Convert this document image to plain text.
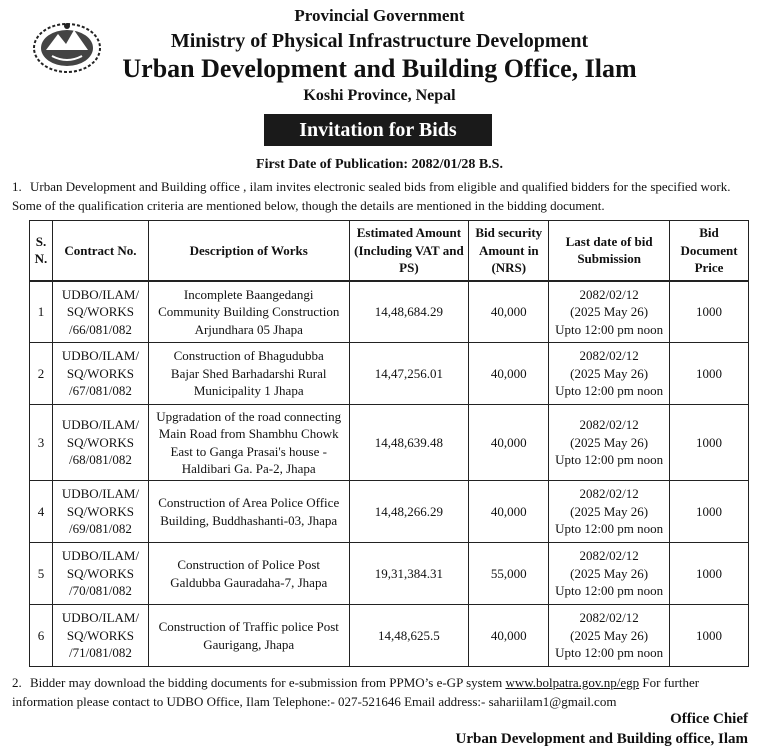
Provincial Government
Ministry of Physical Infrastructure Development
Urban Development and Building Office, Ilam
Koshi Province, Nepal
Invitation for Bids
First Date of Publication: 2082/01/28 B.S.
1. Urban Development and Building office , ilam invites electronic sealed bids from eligible and qualified bidders for the specified work. Some of the qualification criteria are mentioned below, though the details are mentioned in the bidding document.
S. N.	Contract No.	Description of Works	Estimated Amount (Including VAT and PS)	Bid security Amount in (NRS)	Last date of bid Submission	Bid Document Price
1	UDBO/ILAM/
SQ/WORKS
/66/081/082	Incomplete Baangedangi
Community Building Construction
Arjundhara 05 Jhapa	14,48,684.29	40,000	2082/02/12
(2025 May 26)
Upto 12:00 pm noon	1000
2	UDBO/ILAM/
SQ/WORKS
/67/081/082	Construction of Bhagudubba
Bajar Shed Barhadarshi Rural
Municipality 1 Jhapa	14,47,256.01	40,000	2082/02/12
(2025 May 26)
Upto 12:00 pm noon	1000
3	UDBO/ILAM/
SQ/WORKS
/68/081/082	Upgradation of the road connecting
Main Road from Shambhu Chowk
East to Ganga Prasai's house -
Haldibari Ga. Pa-2, Jhapa	14,48,639.48	40,000	2082/02/12
(2025 May 26)
Upto 12:00 pm noon	1000
4	UDBO/ILAM/
SQ/WORKS
/69/081/082	Construction of Area Police Office
Building, Buddhashanti-03, Jhapa	14,48,266.29	40,000	2082/02/12
(2025 May 26)
Upto 12:00 pm noon	1000
5	UDBO/ILAM/
SQ/WORKS
/70/081/082	Construction of Police Post
Galdubba Gauradaha-7, Jhapa	19,31,384.31	55,000	2082/02/12
(2025 May 26)
Upto 12:00 pm noon	1000
6	UDBO/ILAM/
SQ/WORKS
/71/081/082	Construction of Traffic police Post
Gaurigang, Jhapa	14,48,625.5	40,000	2082/02/12
(2025 May 26)
Upto 12:00 pm noon	1000
2. Bidder may download the bidding documents for e-submission from PPMO’s e-GP system www.bolpatra.gov.np/egp For further information please contact to UDBO Office, Ilam Telephone:- 027-521646 Email address:- sahariilam1@gmail.com
Office Chief
Urban Development and Building office, Ilam
